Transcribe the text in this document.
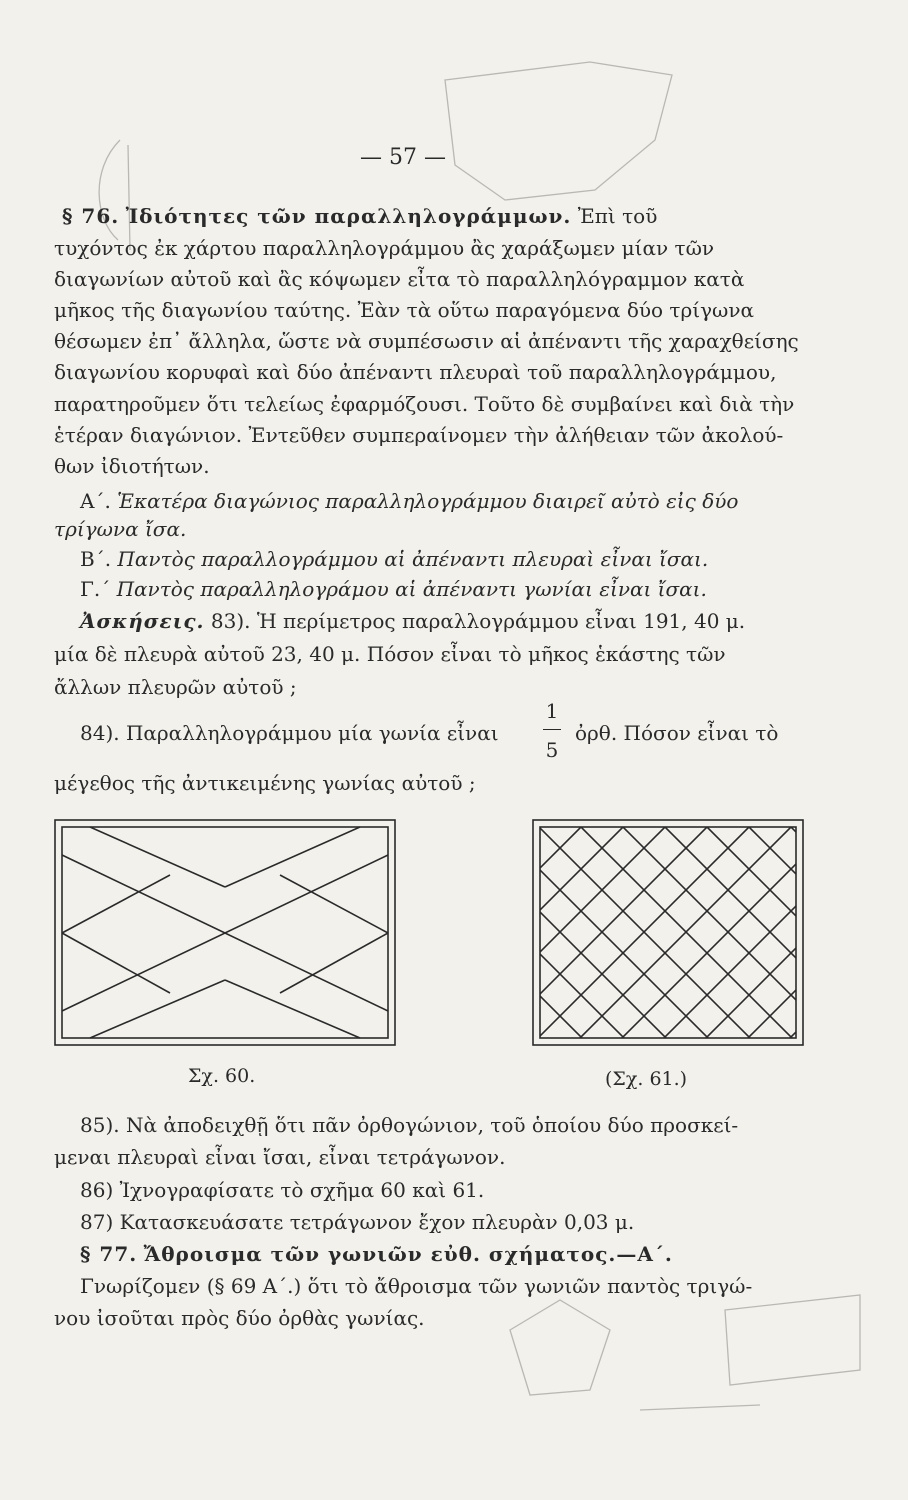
— 57 —
§ 76. Ἰδιότητες τῶν παραλληλογράμμων. Ἐπὶ τοῦ
τυχόντος ἐκ χάρτου παραλληλογράμμου ἂς χαράξωμεν μίαν τῶν
διαγωνίων αὐτοῦ καὶ ἂς κόψωμεν εἶτα τὸ παραλληλόγραμμον κατὰ
μῆκος τῆς διαγωνίου ταύτης. Ἐὰν τὰ οὕτω παραγόμενα δύο τρίγωνα
θέσωμεν ἐπ᾽ ἄλληλα, ὥστε νὰ συμπέσωσιν αἱ ἀπέναντι τῆς χαραχθείσης
διαγωνίου κορυφαὶ καὶ δύο ἀπέναντι πλευραὶ τοῦ παραλληλογράμμου,
παρατηροῦμεν ὅτι τελείως ἐφαρμόζουσι. Τοῦτο δὲ συμβαίνει καὶ διὰ τὴν
ἑτέραν διαγώνιον. Ἐντεῦθεν συμπεραίνομεν τὴν ἀλήθειαν τῶν ἀκολού-
θων ἰδιοτήτων.
Α΄. Ἑκατέρα διαγώνιος παραλληλογράμμου διαιρεῖ αὐτὸ εἰς δύο
τρίγωνα ἴσα.
Β΄. Παντὸς παραλλογράμμου αἱ ἀπέναντι πλευραὶ εἶναι ἴσαι.
Γ.΄ Παντὸς παραλληλογράμου αἱ ἀπέναντι γωνίαι εἶναι ἴσαι.
Ἀσκήσεις. 83). Ἡ περίμετρος παραλλογράμμου εἶναι 191, 40 μ.
μία δὲ πλευρὰ αὐτοῦ 23, 40 μ. Πόσον εἶναι τὸ μῆκος ἑκάστης τῶν
ἄλλων πλευρῶν αὐτοῦ ;
84). Παραλληλογράμμου μία γωνία εἶναι
1
5
ὀρθ. Πόσον εἶναι τὸ
μέγεθος τῆς ἀντικειμένης γωνίας αὐτοῦ ;
Σχ. 60.	(Σχ. 61.)
85). Νὰ ἀποδειχθῇ ὅτι πᾶν ὀρθογώνιον, τοῦ ὁποίου δύο προσκεί-
μεναι πλευραὶ εἶναι ἴσαι, εἶναι τετράγωνον.
86) Ἰχνογραφίσατε τὸ σχῆμα 60 καὶ 61.
87) Κατασκευάσατε τετράγωνον ἔχον πλευρὰν 0,03 μ.
§ 77. Ἄθροισμα τῶν γωνιῶν εὐθ. σχήματος.—Α΄.
Γνωρίζομεν (§ 69 Α΄.) ὅτι τὸ ἄθροισμα τῶν γωνιῶν παντὸς τριγώ-
νου ἰσοῦται πρὸς δύο ὀρθὰς γωνίας.
